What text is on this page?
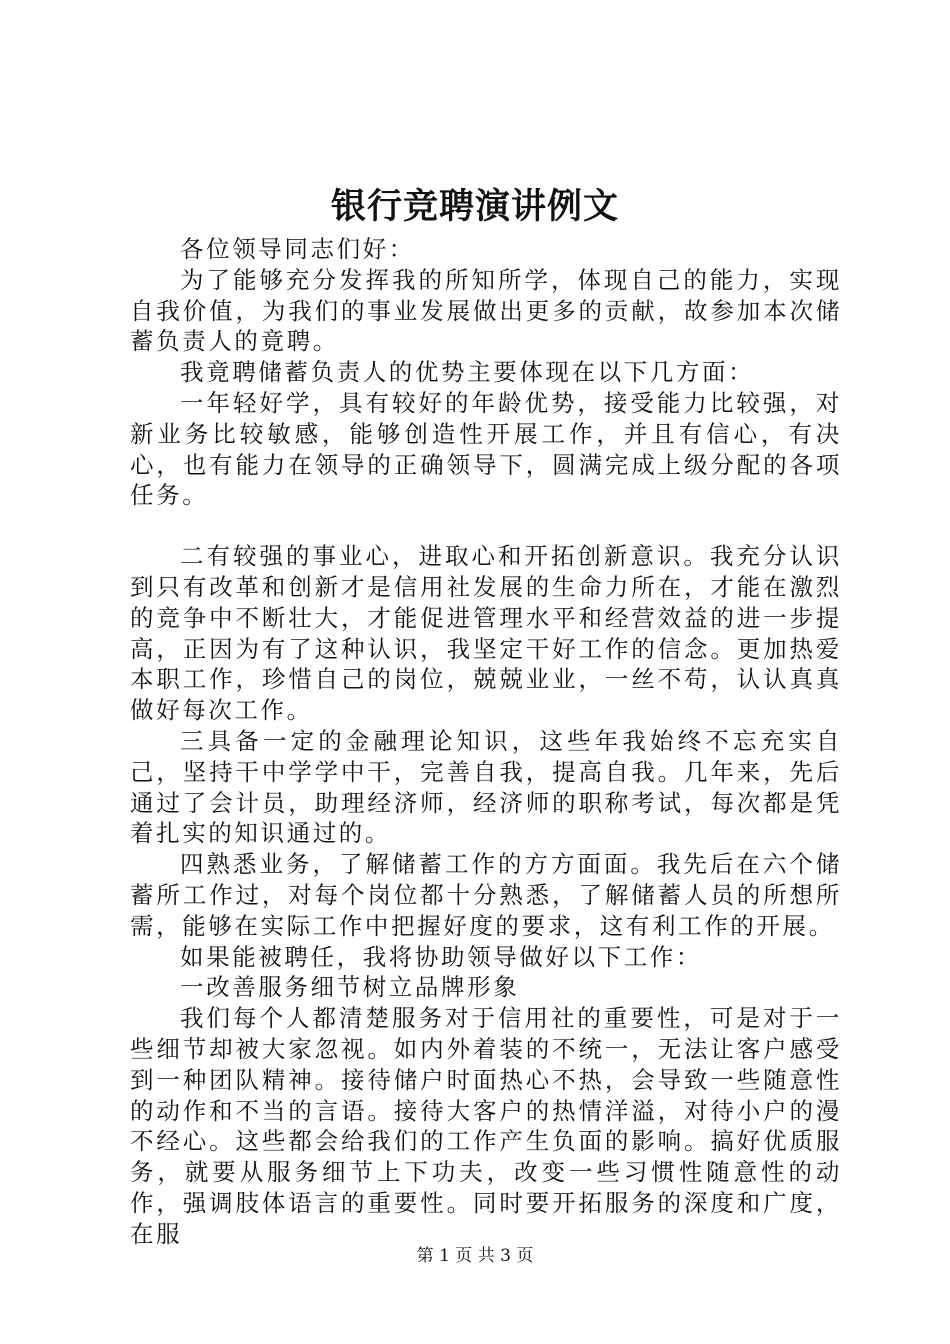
银行竞聘演讲例文

各位领导同志们好：

为了能够充分发挥我的所知所学，体现自己的能力，实现自我价值，为我们的事业发展做出更多的贡献，故参加本次储蓄负责人的竟聘。

我竟聘储蓄负责人的优势主要体现在以下几方面：

一年轻好学，具有较好的年龄优势，接受能力比较强，对新业务比较敏感，能够创造性开展工作，并且有信心，有决心，也有能力在领导的正确领导下，圆满完成上级分配的各项任务。

二有较强的事业心，进取心和开拓创新意识。我充分认识到只有改革和创新才是信用社发展的生命力所在，才能在激烈的竞争中不断壮大，才能促进管理水平和经营效益的进一步提高，正因为有了这种认识，我坚定干好工作的信念。更加热爱本职工作，珍惜自己的岗位，兢兢业业，一丝不苟，认认真真做好每次工作。

三具备一定的金融理论知识，这些年我始终不忘充实自己，坚持干中学学中干，完善自我，提高自我。几年来，先后通过了会计员，助理经济师，经济师的职称考试，每次都是凭着扎实的知识通过的。

四熟悉业务，了解储蓄工作的方方面面。我先后在六个储蓄所工作过，对每个岗位都十分熟悉，了解储蓄人员的所想所需，能够在实际工作中把握好度的要求，这有利工作的开展。

如果能被聘任，我将协助领导做好以下工作：

一改善服务细节树立品牌形象

我们每个人都清楚服务对于信用社的重要性，可是对于一些细节却被大家忽视。如内外着装的不统一，无法让客户感受到一种团队精神。接待储户时面热心不热，会导致一些随意性的动作和不当的言语。接待大客户的热情洋溢，对待小户的漫不经心。这些都会给我们的工作产生负面的影响。搞好优质服务，就要从服务细节上下功夫，改变一些习惯性随意性的动作，强调肢体语言的重要性。同时要开拓服务的深度和广度，在服

第 1 页 共 3 页
